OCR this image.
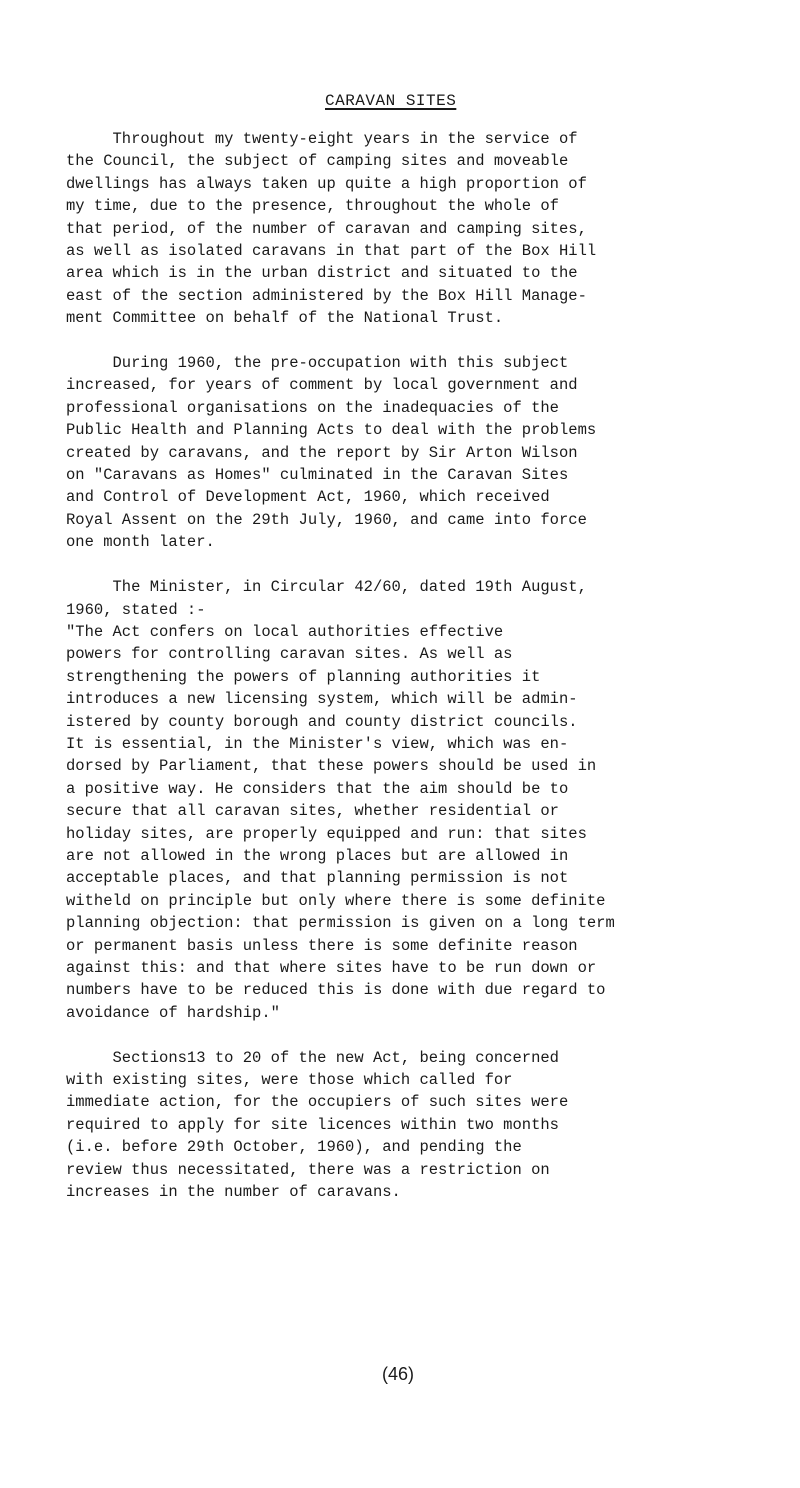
CARAVAN SITES
Throughout my twenty-eight years in the service of
the Council, the subject of camping sites and moveable
dwellings has always taken up quite a high proportion of
my time, due to the presence, throughout the whole of
that period, of the number of caravan and camping sites,
as well as isolated caravans in that part of the Box Hill
area which is in the urban district and situated to the
east of the section administered by the Box Hill Manage-
ment Committee on behalf of the National Trust.
During 1960, the pre-occupation with this subject
increased, for years of comment by local government and
professional organisations on the inadequacies of the
Public Health and Planning Acts to deal with the problems
created by caravans, and the report by Sir Arton Wilson
on "Caravans as Homes" culminated in the Caravan Sites
and Control of Development Act, 1960, which received
Royal Assent on the 29th July, 1960, and came into force
one month later.
The Minister, in Circular 42/60, dated 19th August,
1960, stated :-
"The Act confers on local authorities effective
powers for controlling caravan sites. As well as
strengthening the powers of planning authorities it
introduces a new licensing system, which will be admin-
istered by county borough and county district councils.
It is essential, in the Minister's view, which was en-
dorsed by Parliament, that these powers should be used in
a positive way. He considers that the aim should be to
secure that all caravan sites, whether residential or
holiday sites, are properly equipped and run: that sites
are not allowed in the wrong places but are allowed in
acceptable places, and that planning permission is not
witheld on principle but only where there is some definite
planning objection: that permission is given on a long term
or permanent basis unless there is some definite reason
against this: and that where sites have to be run down or
numbers have to be reduced this is done with due regard to
avoidance of hardship."
Sections13 to 20 of the new Act, being concerned
with existing sites, were those which called for
immediate action, for the occupiers of such sites were
required to apply for site licences within two months
(i.e. before 29th October, 1960), and pending the
review thus necessitated, there was a restriction on
increases in the number of caravans.
(46)
